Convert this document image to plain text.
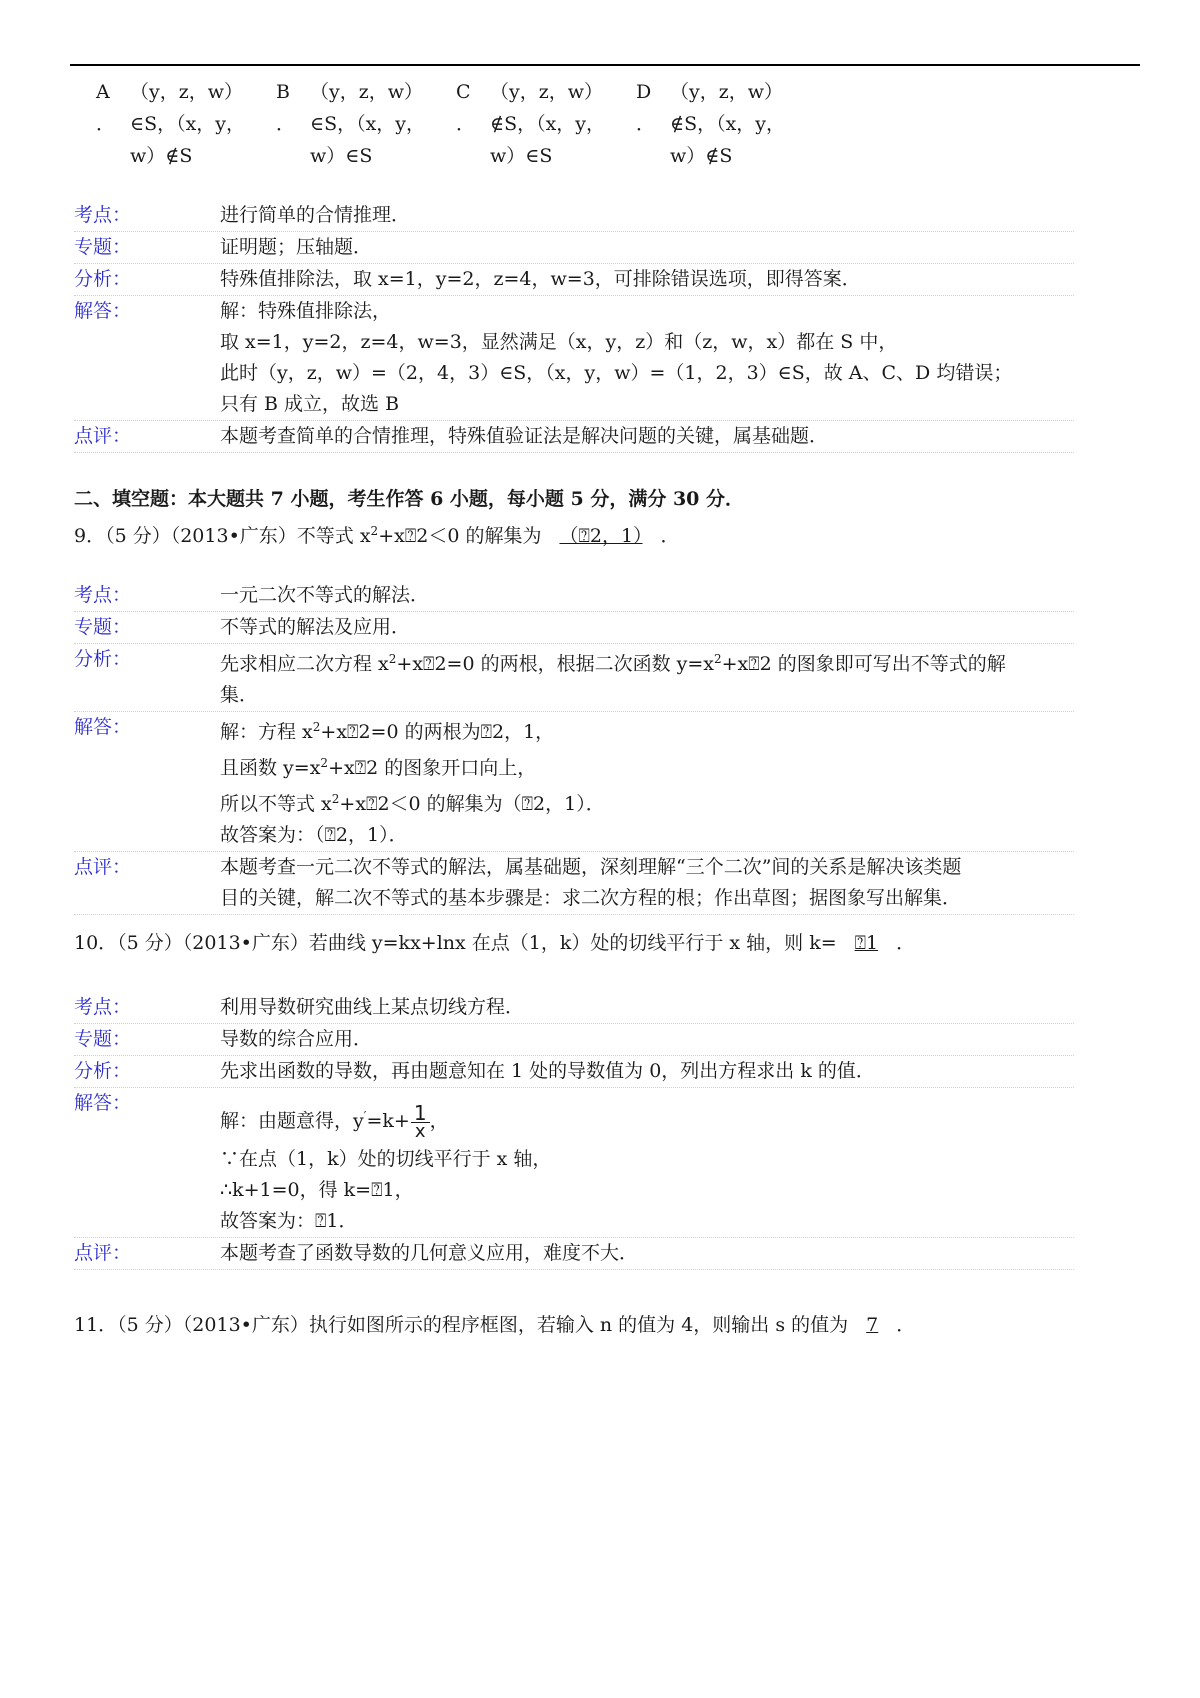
A
．
（y，z，w）∈S，（x，y，w）∉S
B
．
（y，z，w）∈S，（x，y，w）∈S
C
．
（y，z，w）∉S，（x，y，w）∈S
D
．
（y，z，w）∉S，（x，y，w）∉S
考点：	进行简单的合情推理．
专题：	证明题；压轴题．
分析：	特殊值排除法，取 x=1，y=2，z=4，w=3，可排除错误选项，即得答案．
解答：	解：特殊值排除法，
取 x=1，y=2，z=4，w=3，显然满足（x，y，z）和（z，w，x）都在 S 中，
此时（y，z，w）=（2，4，3）∈S，（x，y，w）=（1，2，3）∈S，故 A、C、D 均错误；
只有 B 成立，故选 B
点评：	本题考查简单的合情推理，特殊值验证法是解决问题的关键，属基础题．
二、填空题：本大题共 7 小题，考生作答 6 小题，每小题 5 分，满分 30 分．
9．（5 分）（2013•广东）不等式 $x^2+x⍰2<0$ 的解集为 （⍰2，1） ．
考点：	一元二次不等式的解法．
专题：	不等式的解法及应用．
分析：	先求相应二次方程 $x^2+x⍰2=0$ 的两根，根据二次函数 $y=x^2+x⍰2$ 的图象即可写出不等式的解
集．
解答：	解：方程 $x^2+x⍰2=0$ 的两根为⍰2，1，
且函数 $y=x^2+x⍰2$ 的图象开口向上，
所以不等式 $x^2+x⍰2<0$ 的解集为（⍰2，1）．
故答案为：（⍰2，1）．
点评：	本题考查一元二次不等式的解法，属基础题，深刻理解“三个二次”间的关系是解决该类题
目的关键，解二次不等式的基本步骤是：求二次方程的根；作出草图；据图象写出解集．
10．（5 分）（2013•广东）若曲线 y=kx+lnx 在点（1，k）处的切线平行于 x 轴，则 k= ⍰1 ．
考点：	利用导数研究曲线上某点切线方程．
专题：	导数的综合应用．
分析：	先求出函数的导数，再由题意知在 1 处的导数值为 0，列出方程求出 k 的值．
解答：
解：由题意得，$y'=k+ \frac{1}{x}$ ，
∵在点（1，k）处的切线平行于 x 轴，
∴k+1=0，得 k=⍰1，
故答案为：⍰1．
点评：	本题考查了函数导数的几何意义应用，难度不大．
11．（5 分）（2013•广东）执行如图所示的程序框图，若输入 n 的值为 4，则输出 s 的值为 7 ．
